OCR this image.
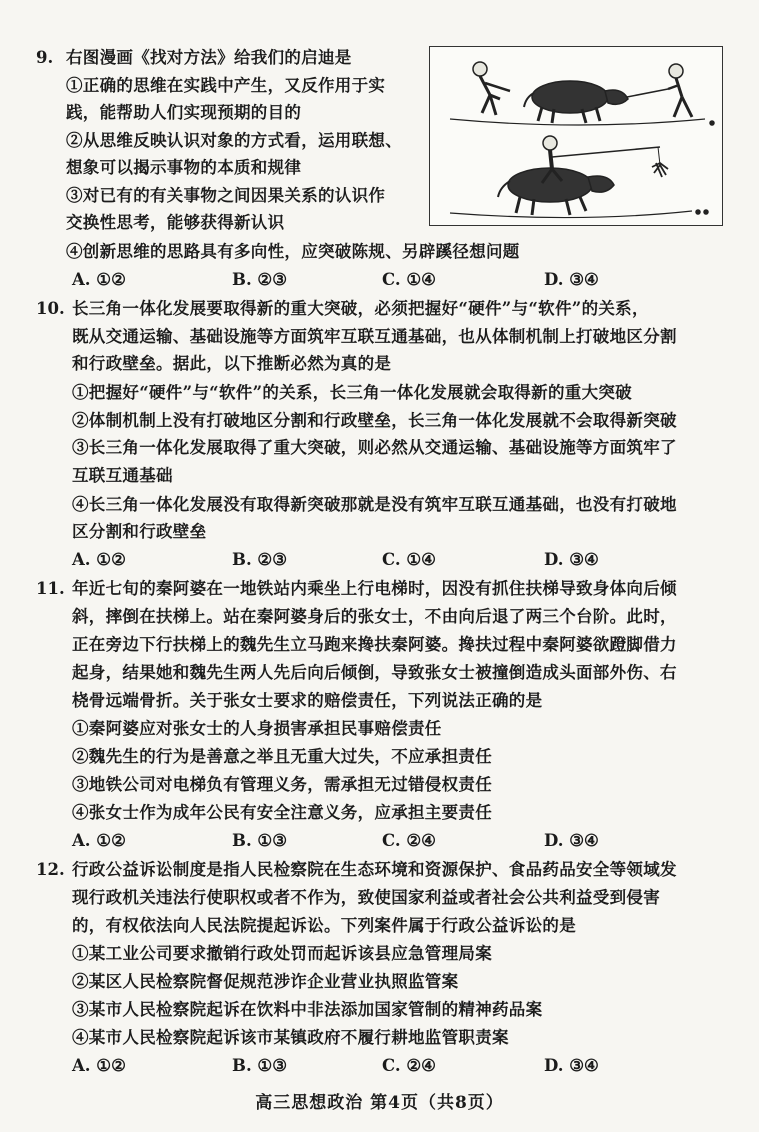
9. 右图漫画《找对方法》给我们的启迪是
①正确的思维在实践中产生，又反作用于实
践，能帮助人们实现预期的目的
②从思维反映认识对象的方式看，运用联想、
想象可以揭示事物的本质和规律
③对已有的有关事物之间因果关系的认识作
交换性思考，能够获得新认识
④创新思维的思路具有多向性，应突破陈规、另辟蹊径想问题
A. ①②	B. ②③	C. ①④	D. ③④
10. 长三角一体化发展要取得新的重大突破，必须把握好“硬件”与“软件”的关系，
既从交通运输、基础设施等方面筑牢互联互通基础，也从体制机制上打破地区分割
和行政壁垒。据此，以下推断必然为真的是
①把握好“硬件”与“软件”的关系，长三角一体化发展就会取得新的重大突破
②体制机制上没有打破地区分割和行政壁垒，长三角一体化发展就不会取得新突破
③长三角一体化发展取得了重大突破，则必然从交通运输、基础设施等方面筑牢了
互联互通基础
④长三角一体化发展没有取得新突破那就是没有筑牢互联互通基础，也没有打破地
区分割和行政壁垒
A. ①②	B. ②③	C. ①④	D. ③④
11. 年近七旬的秦阿婆在一地铁站内乘坐上行电梯时，因没有抓住扶梯导致身体向后倾
斜，摔倒在扶梯上。站在秦阿婆身后的张女士，不由向后退了两三个台阶。此时，
正在旁边下行扶梯上的魏先生立马跑来搀扶秦阿婆。搀扶过程中秦阿婆欲蹬脚借力
起身，结果她和魏先生两人先后向后倾倒，导致张女士被撞倒造成头面部外伤、右
桡骨远端骨折。关于张女士要求的赔偿责任，下列说法正确的是
①秦阿婆应对张女士的人身损害承担民事赔偿责任
②魏先生的行为是善意之举且无重大过失，不应承担责任
③地铁公司对电梯负有管理义务，需承担无过错侵权责任
④张女士作为成年公民有安全注意义务，应承担主要责任
A. ①②	B. ①③	C. ②④	D. ③④
12. 行政公益诉讼制度是指人民检察院在生态环境和资源保护、食品药品安全等领域发
现行政机关违法行使职权或者不作为，致使国家利益或者社会公共利益受到侵害
的，有权依法向人民法院提起诉讼。下列案件属于行政公益诉讼的是
①某工业公司要求撤销行政处罚而起诉该县应急管理局案
②某区人民检察院督促规范涉诈企业营业执照监管案
③某市人民检察院起诉在饮料中非法添加国家管制的精神药品案
④某市人民检察院起诉该市某镇政府不履行耕地监管职责案
A. ①②	B. ①③	C. ②④	D. ③④
高三思想政治 第4页（共8页）
